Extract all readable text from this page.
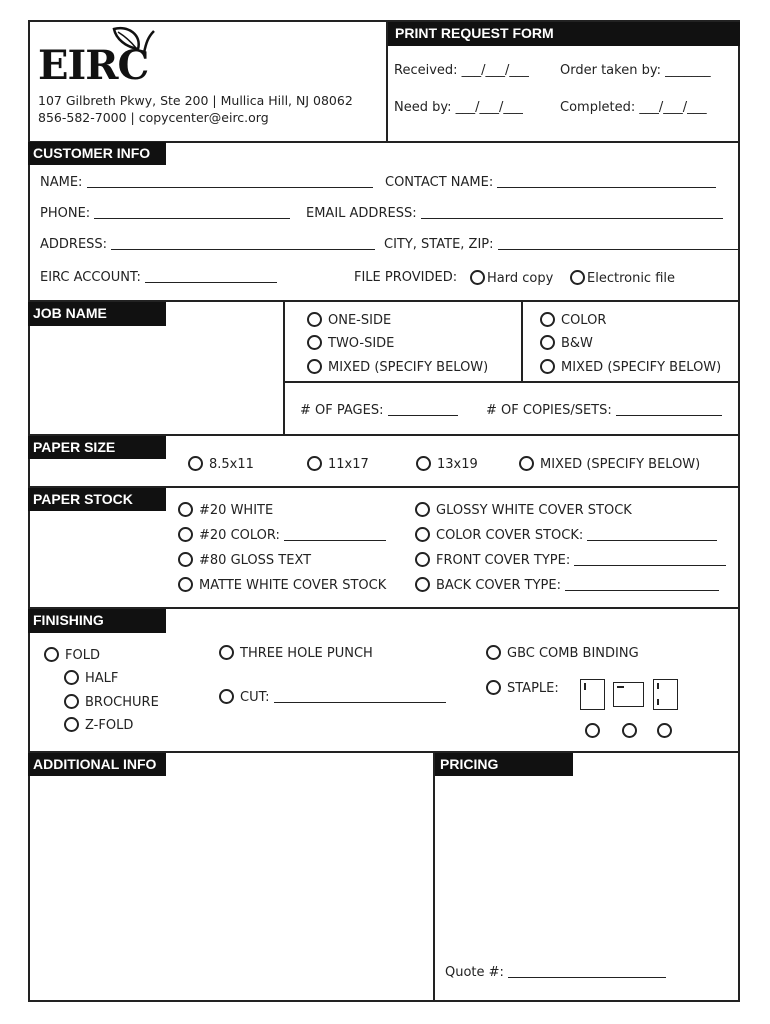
EIRC
107 Gilbreth Pkwy, Ste 200 | Mullica Hill, NJ 08062
856-582-7000 | copycenter@eirc.org
PRINT REQUEST FORM
Received: ___/___/___ Order taken by: _______
Need by: ___/___/___	Completed: ___/___/___
CUSTOMER INFO
NAME:	CONTACT NAME:
PHONE:	EMAIL ADDRESS:
ADDRESS:	CITY, STATE, ZIP:
EIRC ACCOUNT:	FILE PROVIDED:	Hard copy	Electronic file
JOB NAME	ONE-SIDE
TWO-SIDE
MIXED (SPECIFY BELOW)
COLOR
B&W
MIXED (SPECIFY BELOW)
# OF PAGES:	# OF COPIES/SETS:
PAPER SIZE
8.5x11	11x17	13x19	MIXED (SPECIFY BELOW)
PAPER STOCK
#20 WHITE
#20 COLOR:
#80 GLOSS TEXT
MATTE WHITE COVER STOCK
GLOSSY WHITE COVER STOCK
COLOR COVER STOCK:
FRONT COVER TYPE:
BACK COVER TYPE:
FINISHING
FOLD
HALF
BROCHURE
Z-FOLD
THREE HOLE PUNCH
CUT:
GBC COMB BINDING
STAPLE:
ADDITIONAL INFO	PRICING
Quote #:
